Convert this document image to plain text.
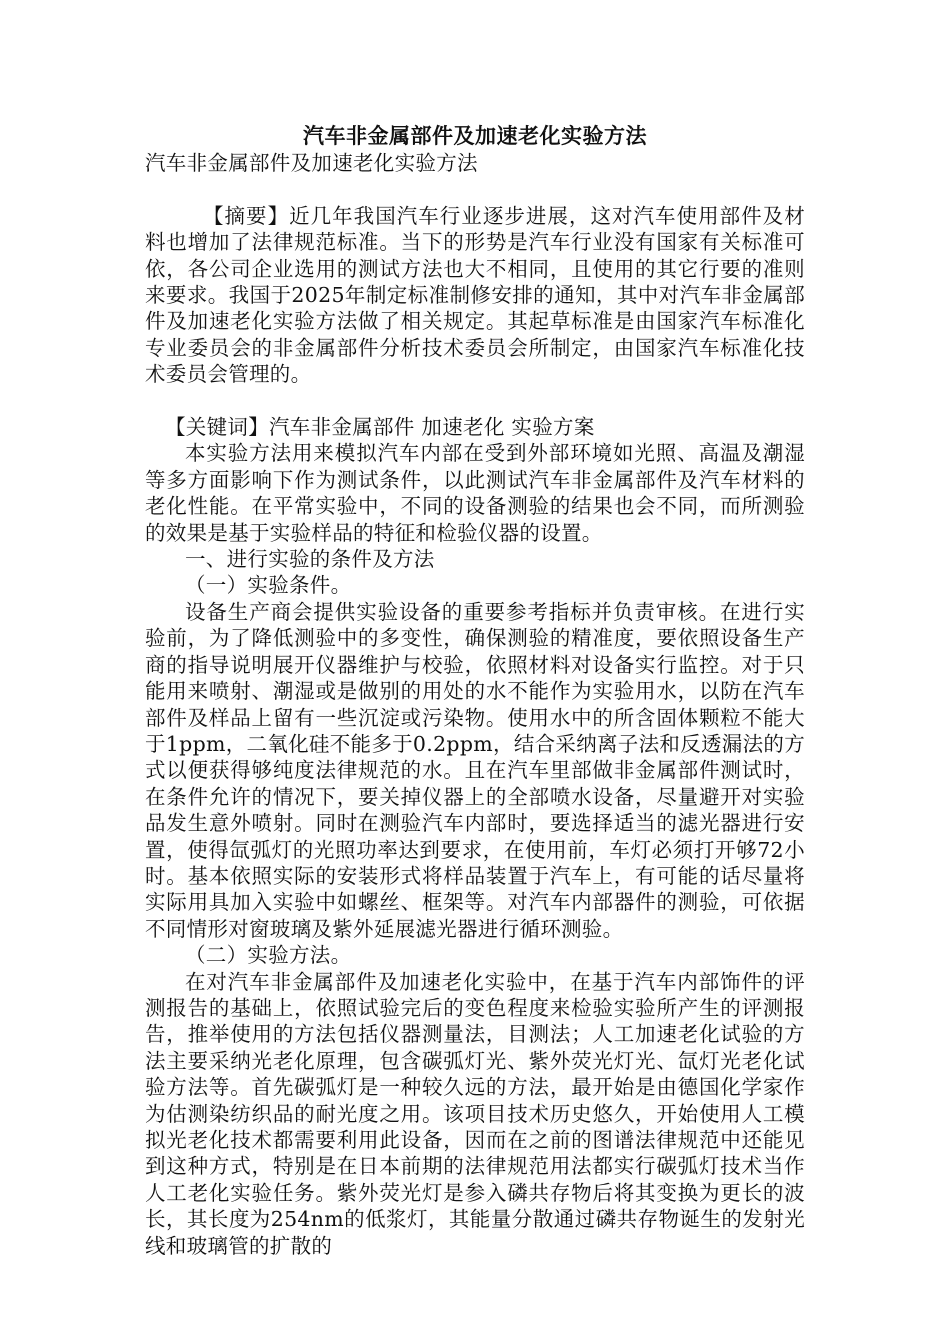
汽车非金属部件及加速老化实验方法

汽车非金属部件及加速老化实验方法

【摘要】近几年我国汽车行业逐步进展，这对汽车使用部件及材料也增加了法律规范标准。当下的形势是汽车行业没有国家有关标准可依，各公司企业选用的测试方法也大不相同，且使用的其它行要的准则来要求。我国于2025年制定标准制修安排的通知，其中对汽车非金属部件及加速老化实验方法做了相关规定。其起草标准是由国家汽车标准化专业委员会的非金属部件分析技术委员会所制定，由国家汽车标准化技术委员会管理的。

【关键词】汽车非金属部件 加速老化 实验方案

本实验方法用来模拟汽车内部在受到外部环境如光照、高温及潮湿等多方面影响下作为测试条件，以此测试汽车非金属部件及汽车材料的老化性能。在平常实验中，不同的设备测验的结果也会不同，而所测验的效果是基于实验样品的特征和检验仪器的设置。

一、进行实验的条件及方法

（一）实验条件。

设备生产商会提供实验设备的重要参考指标并负责审核。在进行实验前，为了降低测验中的多变性，确保测验的精准度，要依照设备生产商的指导说明展开仪器维护与校验，依照材料对设备实行监控。对于只能用来喷射、潮湿或是做别的用处的水不能作为实验用水，以防在汽车部件及样品上留有一些沉淀或污染物。使用水中的所含固体颗粒不能大于1ppm，二氧化硅不能多于0.2ppm，结合采纳离子法和反透漏法的方式以便获得够纯度法律规范的水。且在汽车里部做非金属部件测试时，在条件允许的情况下，要关掉仪器上的全部喷水设备，尽量避开对实验品发生意外喷射。同时在测验汽车内部时，要选择适当的滤光器进行安置，使得氙弧灯的光照功率达到要求，在使用前，车灯必须打开够72小时。基本依照实际的安装形式将样品装置于汽车上，有可能的话尽量将实际用具加入实验中如螺丝、框架等。对汽车内部器件的测验，可依据不同情形对窗玻璃及紫外延展滤光器进行循环测验。

（二）实验方法。

在对汽车非金属部件及加速老化实验中，在基于汽车内部饰件的评测报告的基础上，依照试验完后的变色程度来检验实验所产生的评测报告，推举使用的方法包括仪器测量法，目测法；人工加速老化试验的方法主要采纳光老化原理，包含碳弧灯光、紫外荧光灯光、氙灯光老化试验方法等。首先碳弧灯是一种较久远的方法，最开始是由德国化学家作为估测染纺织品的耐光度之用。该项目技术历史悠久，开始使用人工模拟光老化技术都需要利用此设备，因而在之前的图谱法律规范中还能见到这种方式，特别是在日本前期的法律规范用法都实行碳弧灯技术当作人工老化实验任务。紫外荧光灯是参入磷共存物后将其变换为更长的波长，其长度为254nm的低浆灯，其能量分散通过磷共存物诞生的发射光线和玻璃管的扩散的
